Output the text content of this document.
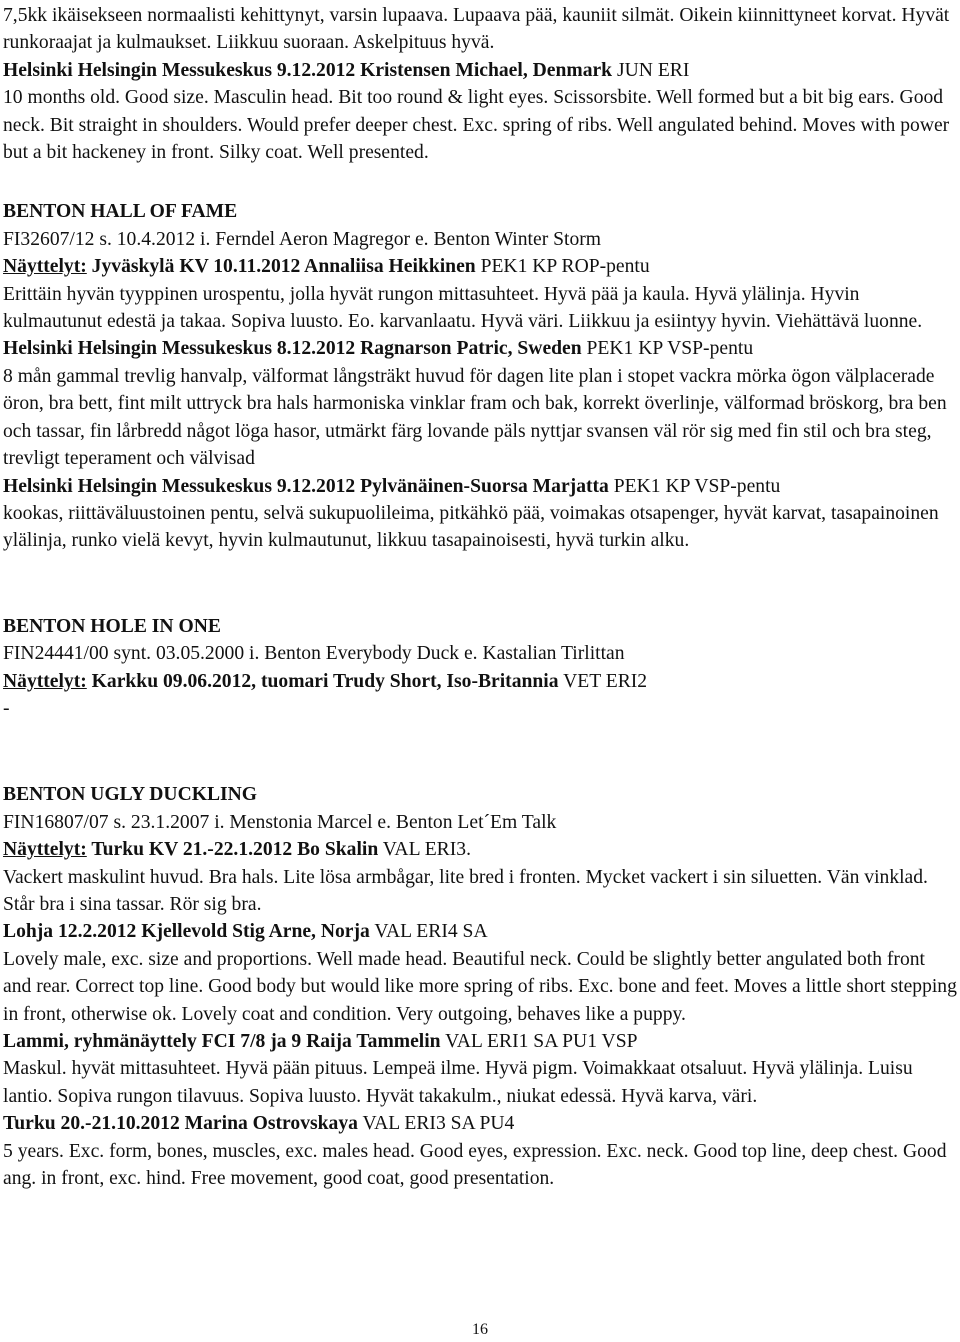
7,5kk ikäisekseen normaalisti kehittynyt, varsin lupaava. Lupaava pää, kauniit silmät. Oikein kiinnittyneet korvat. Hyvät runkoraajat ja kulmaukset. Liikkuu suoraan. Askelpituus hyvä.

Helsinki Helsingin Messukeskus 9.12.2012 Kristensen Michael, Denmark JUN ERI

10 months old. Good size. Masculin head. Bit too round & light eyes. Scissorsbite. Well formed but a bit big ears. Good neck. Bit straight in shoulders. Would prefer deeper chest. Exc. spring of ribs. Well angulated behind. Moves with power but a bit hackeney in front. Silky coat. Well presented.

BENTON HALL OF FAME

FI32607/12 s. 10.4.2012 i. Ferndel Aeron Magregor e. Benton Winter Storm

Näyttelyt: Jyväskylä KV 10.11.2012 Annaliisa Heikkinen PEK1 KP ROP-pentu

Erittäin hyvän tyyppinen urospentu, jolla hyvät rungon mittasuhteet. Hyvä pää ja kaula. Hyvä ylälinja. Hyvin kulmautunut edestä ja takaa. Sopiva luusto. Eo. karvanlaatu. Hyvä väri. Liikkuu ja esiintyy hyvin. Viehättävä luonne.

Helsinki Helsingin Messukeskus 8.12.2012 Ragnarson Patric, Sweden PEK1 KP VSP-pentu

8 mån gammal trevlig hanvalp, välformat långsträkt huvud för dagen lite plan i stopet vackra mörka ögon välplacerade öron, bra bett, fint milt uttryck bra hals harmoniska vinklar fram och bak, korrekt överlinje, välformad bröskorg, bra ben och tassar, fin lårbredd något löga hasor, utmärkt färg lovande päls nyttjar svansen väl rör sig med fin stil och bra steg, trevligt teperament och välvisad

Helsinki Helsingin Messukeskus 9.12.2012 Pylvänäinen-Suorsa Marjatta PEK1 KP VSP-pentu

kookas, riittäväluustoinen pentu, selvä sukupuolileima, pitkähkö pää, voimakas otsapenger, hyvät karvat, tasapainoinen ylälinja, runko vielä kevyt, hyvin kulmautunut, likkuu tasapainoisesti, hyvä turkin alku.

BENTON HOLE IN ONE

FIN24441/00 synt. 03.05.2000 i. Benton Everybody Duck e. Kastalian Tirlittan

Näyttelyt: Karkku 09.06.2012, tuomari Trudy Short, Iso-Britannia VET ERI2

-

BENTON UGLY DUCKLING

FIN16807/07 s. 23.1.2007 i. Menstonia Marcel e. Benton Let´Em Talk

Näyttelyt: Turku KV 21.-22.1.2012 Bo Skalin VAL ERI3.

Vackert maskulint huvud. Bra hals. Lite lösa armbågar, lite bred i fronten. Mycket vackert i sin siluetten. Vän vinklad. Står bra i sina tassar. Rör sig bra.

Lohja 12.2.2012 Kjellevold Stig Arne, Norja VAL ERI4 SA

Lovely male, exc. size and proportions. Well made head. Beautiful neck. Could be slightly better angulated both front and rear. Correct top line. Good body but would like more spring of ribs. Exc. bone and feet. Moves a little short stepping in front, otherwise ok. Lovely coat and condition. Very outgoing, behaves like a puppy.

Lammi, ryhmänäyttely FCI 7/8 ja 9 Raija Tammelin VAL ERI1 SA PU1 VSP

Maskul. hyvät mittasuhteet. Hyvä pään pituus. Lempeä ilme. Hyvä pigm. Voimakkaat otsaluut. Hyvä ylälinja. Luisu lantio. Sopiva rungon tilavuus. Sopiva luusto. Hyvät takakulm., niukat edessä. Hyvä karva, väri.

Turku 20.-21.10.2012 Marina Ostrovskaya VAL ERI3 SA PU4

5 years. Exc. form, bones, muscles, exc. males head. Good eyes, expression. Exc. neck. Good top line, deep chest. Good ang. in front, exc. hind. Free movement, good coat, good presentation.

16
